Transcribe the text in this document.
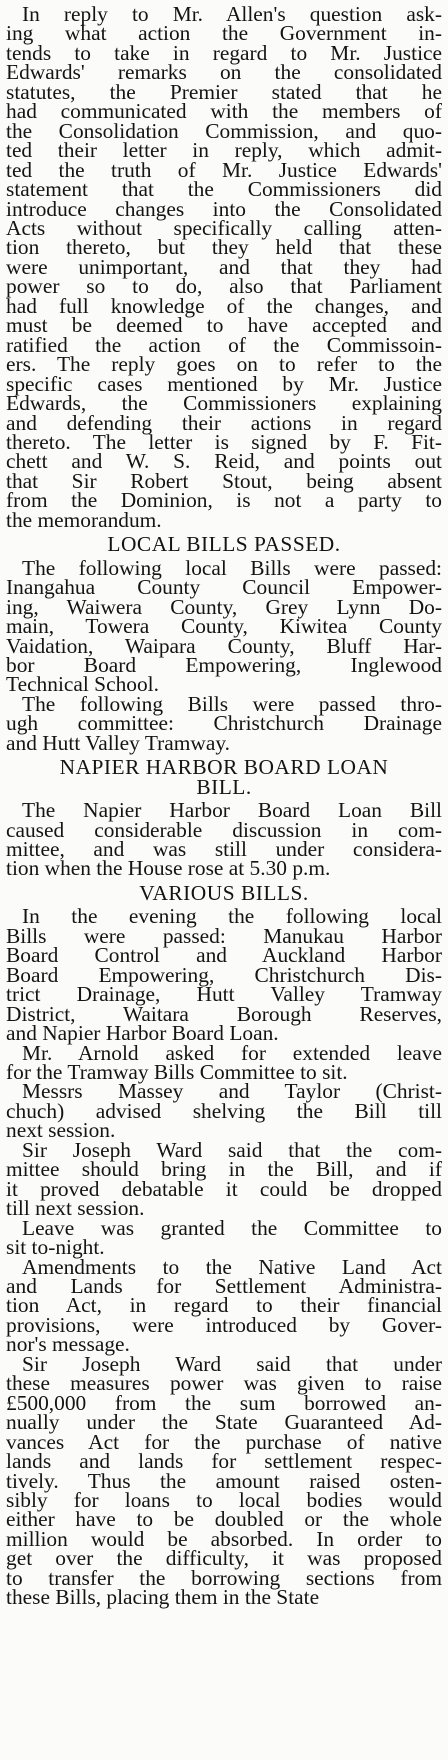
In reply to Mr. Allen's question ask-
ing what action the Government in-
tends to take in regard to Mr. Justice
Edwards' remarks on the consolidated
statutes, the Premier stated that he
had communicated with the members of
the Consolidation Commission, and quo-
ted their letter in reply, which admit-
ted the truth of Mr. Justice Edwards'
statement that the Commissioners did
introduce changes into the Consolidated
Acts without specifically calling atten-
tion thereto, but they held that these
were unimportant, and that they had
power so to do, also that Parliament
had full knowledge of the changes, and
must be deemed to have accepted and
ratified the action of the Commissoin-
ers. The reply goes on to refer to the
specific cases mentioned by Mr. Justice
Edwards, the Commissioners explaining
and defending their actions in regard
thereto. The letter is signed by F. Fit-
chett and W. S. Reid, and points out
that Sir Robert Stout, being absent
from the Dominion, is not a party to
the memorandum.
LOCAL BILLS PASSED.
The following local Bills were passed:
Inangahua County Council Empower-
ing, Waiwera County, Grey Lynn Do-
main, Towera County, Kiwitea County
Vaidation, Waipara County, Bluff Har-
bor Board Empowering, Inglewood
Technical School.
The following Bills were passed thro-
ugh committee: Christchurch Drainage
and Hutt Valley Tramway.
NAPIER HARBOR BOARD LOAN
BILL.
The Napier Harbor Board Loan Bill
caused considerable discussion in com-
mittee, and was still under considera-
tion when the House rose at 5.30 p.m.
VARIOUS BILLS.
In the evening the following local
Bills were passed: Manukau Harbor
Board Control and Auckland Harbor
Board Empowering, Christchurch Dis-
trict Drainage, Hutt Valley Tramway
District, Waitara Borough Reserves,
and Napier Harbor Board Loan.
Mr. Arnold asked for extended leave
for the Tramway Bills Committee to sit.
Messrs Massey and Taylor (Christ-
chuch) advised shelving the Bill till
next session.
Sir Joseph Ward said that the com-
mittee should bring in the Bill, and if
it proved debatable it could be dropped
till next session.
Leave was granted the Committee to
sit to-night.
Amendments to the Native Land Act
and Lands for Settlement Administra-
tion Act, in regard to their financial
provisions, were introduced by Gover-
nor's message.
Sir Joseph Ward said that under
these measures power was given to raise
£500,000 from the sum borrowed an-
nually under the State Guaranteed Ad-
vances Act for the purchase of native
lands and lands for settlement respec-
tively. Thus the amount raised osten-
sibly for loans to local bodies would
either have to be doubled or the whole
million would be absorbed. In order to
get over the difficulty, it was proposed
to transfer the borrowing sections from
these Bills, placing them in the State
